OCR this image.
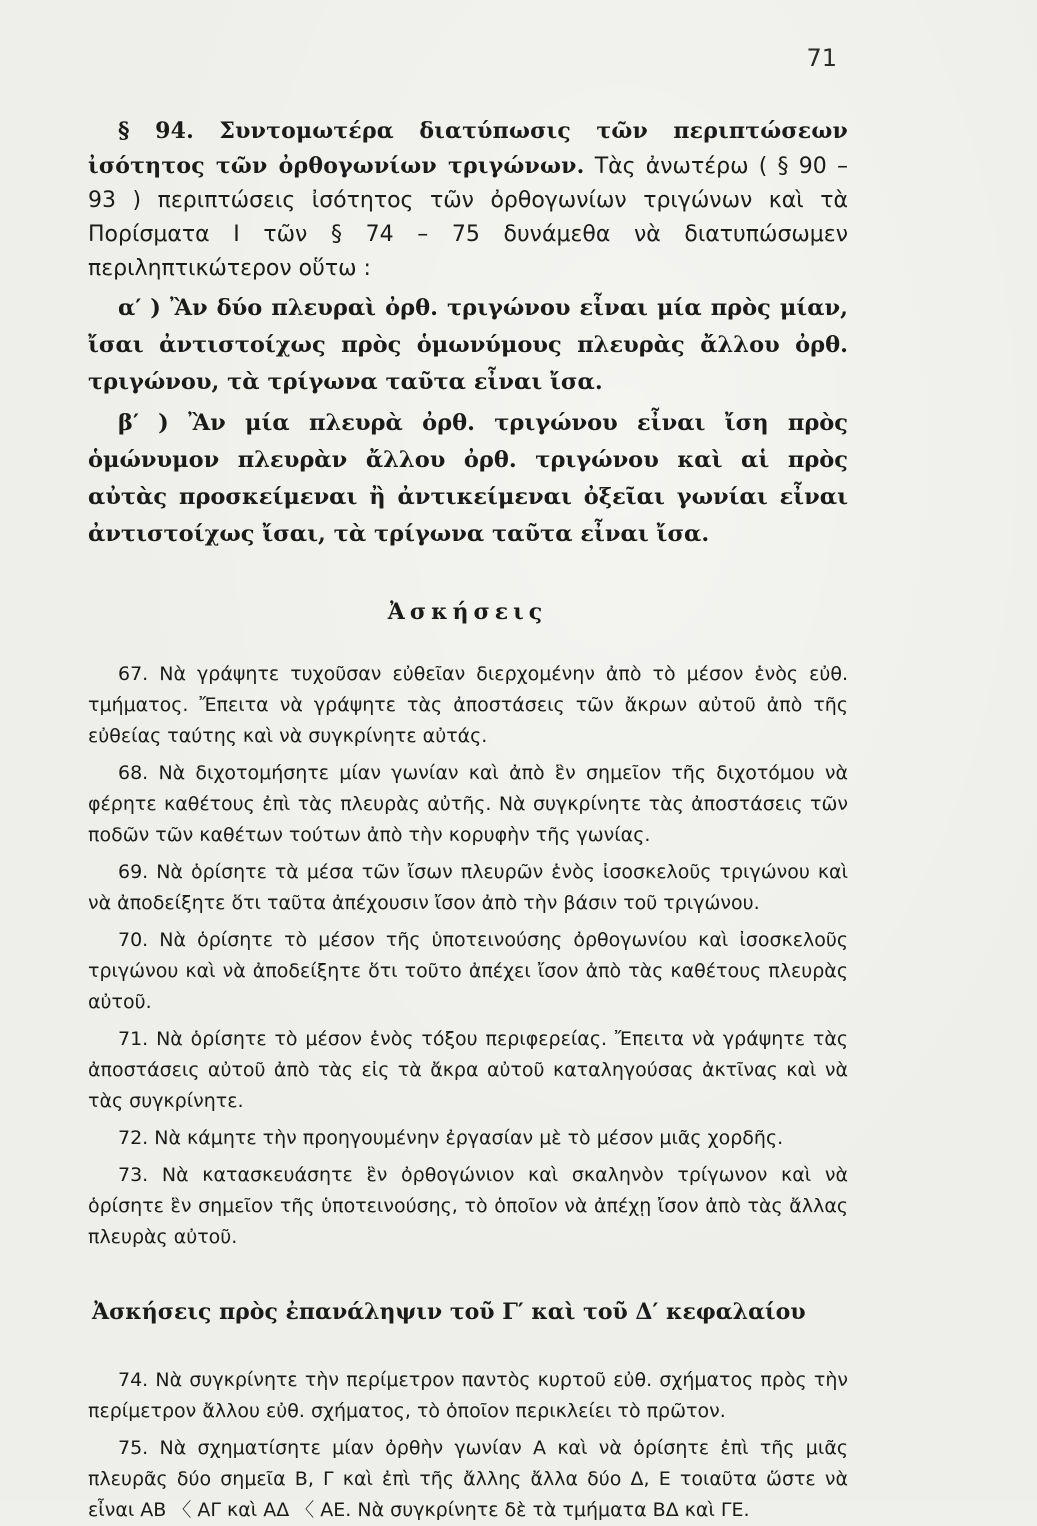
71

§ 94. Συντομωτέρα διατύπωσις τῶν περιπτώσεων ἰσότητος τῶν ὀρθογωνίων τριγώνων. Τὰς ἀνωτέρω ( § 90 – 93 ) περιπτώσεις ἰσότητος τῶν ὀρθογωνίων τριγώνων καὶ τὰ Πορίσματα I τῶν § 74 – 75 δυνάμεθα νὰ διατυπώσωμεν περιληπτικώτερον οὕτω :

α′ ) Ἂν δύο πλευραὶ ὀρθ. τριγώνου εἶναι μία πρὸς μίαν, ἴσαι ἀντιστοίχως πρὸς ὁμωνύμους πλευρὰς ἄλλου ὀρθ. τριγώνου, τὰ τρίγωνα ταῦτα εἶναι ἴσα.

β′ ) Ἂν μία πλευρὰ ὀρθ. τριγώνου εἶναι ἴση πρὸς ὁμώνυμον πλευρὰν ἄλλου ὀρθ. τριγώνου καὶ αἱ πρὸς αὐτὰς προσκείμεναι ἢ ἀντικείμεναι ὀξεῖαι γωνίαι εἶναι ἀντιστοίχως ἴσαι, τὰ τρίγωνα ταῦτα εἶναι ἴσα.

Ἀσκήσεις

67. Νὰ γράψητε τυχοῦσαν εὐθεῖαν διερχομένην ἀπὸ τὸ μέσον ἑνὸς εὐθ. τμήματος. Ἔπειτα νὰ γράψητε τὰς ἀποστάσεις τῶν ἄκρων αὐτοῦ ἀπὸ τῆς εὐθείας ταύτης καὶ νὰ συγκρίνητε αὐτάς.

68. Νὰ διχοτομήσητε μίαν γωνίαν καὶ ἀπὸ ἓν σημεῖον τῆς διχοτόμου νὰ φέρητε καθέτους ἐπὶ τὰς πλευρὰς αὐτῆς. Νὰ συγκρίνητε τὰς ἀποστάσεις τῶν ποδῶν τῶν καθέτων τούτων ἀπὸ τὴν κορυφὴν τῆς γωνίας.

69. Νὰ ὁρίσητε τὰ μέσα τῶν ἴσων πλευρῶν ἑνὸς ἰσοσκελοῦς τριγώνου καὶ νὰ ἀποδείξητε ὅτι ταῦτα ἀπέχουσιν ἴσον ἀπὸ τὴν βάσιν τοῦ τριγώνου.

70. Νὰ ὁρίσητε τὸ μέσον τῆς ὑποτεινούσης ὀρθογωνίου καὶ ἰσοσκελοῦς τριγώνου καὶ νὰ ἀποδείξητε ὅτι τοῦτο ἀπέχει ἴσον ἀπὸ τὰς καθέτους πλευρὰς αὐτοῦ.

71. Νὰ ὁρίσητε τὸ μέσον ἑνὸς τόξου περιφερείας. Ἔπειτα νὰ γράψητε τὰς ἀποστάσεις αὐτοῦ ἀπὸ τὰς εἰς τὰ ἄκρα αὐτοῦ καταληγούσας ἀκτῖνας καὶ νὰ τὰς συγκρίνητε.

72. Νὰ κάμητε τὴν προηγουμένην ἐργασίαν μὲ τὸ μέσον μιᾶς χορδῆς.

73. Νὰ κατασκευάσητε ἓν ὀρθογώνιον καὶ σκαληνὸν τρίγωνον καὶ νὰ ὁρίσητε ἓν σημεῖον τῆς ὑποτεινούσης, τὸ ὁποῖον νὰ ἀπέχῃ ἴσον ἀπὸ τὰς ἄλλας πλευρὰς αὐτοῦ.

Ἀσκήσεις πρὸς ἐπανάληψιν τοῦ Γ′ καὶ τοῦ Δ′ κεφαλαίου

74. Νὰ συγκρίνητε τὴν περίμετρον παντὸς κυρτοῦ εὐθ. σχήματος πρὸς τὴν περίμετρον ἄλλου εὐθ. σχήματος, τὸ ὁποῖον περικλείει τὸ πρῶτον.

75. Νὰ σχηματίσητε μίαν ὀρθὴν γωνίαν Α καὶ νὰ ὁρίσητε ἐπὶ τῆς μιᾶς πλευρᾶς δύο σημεῖα Β, Γ καὶ ἐπὶ τῆς ἄλλης ἄλλα δύο Δ, Ε τοιαῦτα ὥστε νὰ εἶναι ΑΒ 〈 ΑΓ καὶ ΑΔ 〈 ΑΕ. Νὰ συγκρίνητε δὲ τὰ τμήματα ΒΔ καὶ ΓΕ.
